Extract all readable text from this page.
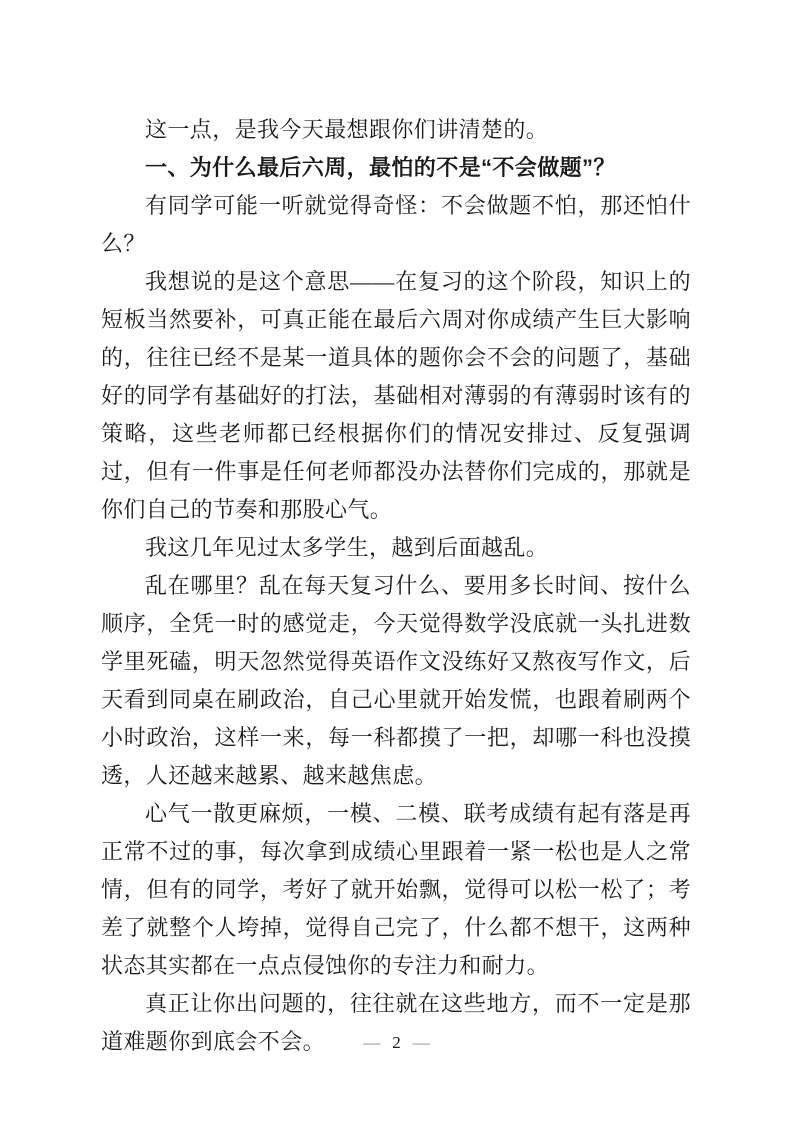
这一点，是我今天最想跟你们讲清楚的。

一、为什么最后六周，最怕的不是“不会做题”？

有同学可能一听就觉得奇怪：不会做题不怕，那还怕什么？

我想说的是这个意思——在复习的这个阶段，知识上的短板当然要补，可真正能在最后六周对你成绩产生巨大影响的，往往已经不是某一道具体的题你会不会的问题了，基础好的同学有基础好的打法，基础相对薄弱的有薄弱时该有的策略，这些老师都已经根据你们的情况安排过、反复强调过，但有一件事是任何老师都没办法替你们完成的，那就是你们自己的节奏和那股心气。

我这几年见过太多学生，越到后面越乱。

乱在哪里？乱在每天复习什么、要用多长时间、按什么顺序，全凭一时的感觉走，今天觉得数学没底就一头扎进数学里死磕，明天忽然觉得英语作文没练好又熬夜写作文，后天看到同桌在刷政治，自己心里就开始发慌，也跟着刷两个小时政治，这样一来，每一科都摸了一把，却哪一科也没摸透，人还越来越累、越来越焦虑。

心气一散更麻烦，一模、二模、联考成绩有起有落是再正常不过的事，每次拿到成绩心里跟着一紧一松也是人之常情，但有的同学，考好了就开始飘，觉得可以松一松了；考差了就整个人垮掉，觉得自己完了，什么都不想干，这两种状态其实都在一点点侵蚀你的专注力和耐力。

真正让你出问题的，往往就在这些地方，而不一定是那道难题你到底会不会。	— 2 —
